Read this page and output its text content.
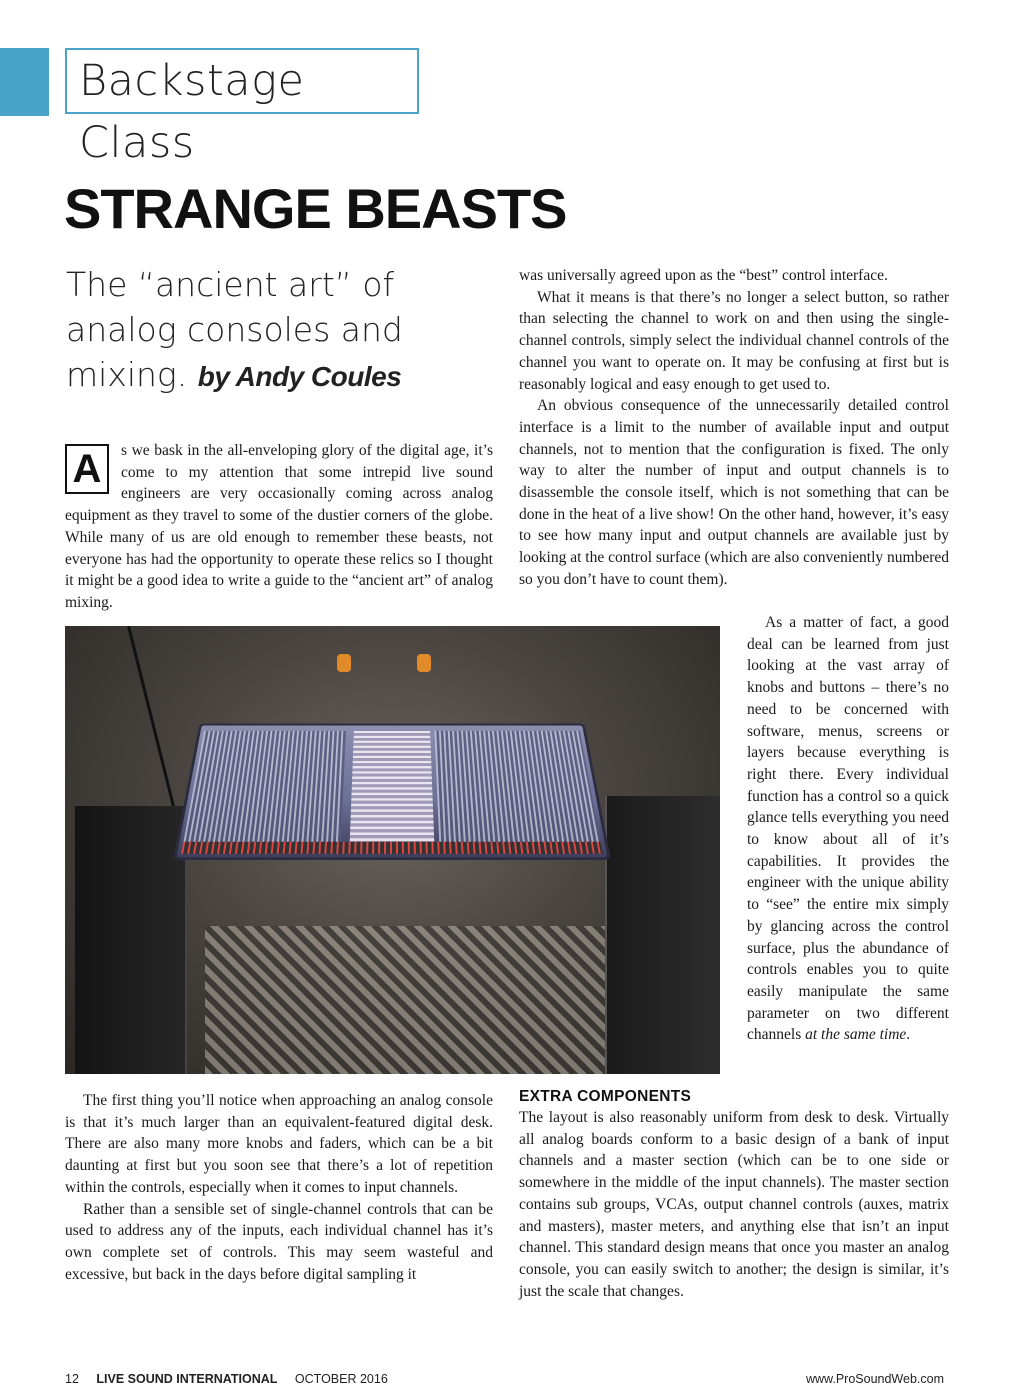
Backstage Class
STRANGE BEASTS
The “ancient art” of analog consoles and mixing. by Andy Coules
A	s we bask in the all-enveloping glory of the digital age, it’s come to my attention that some intrepid live sound engineers are very occasionally coming across analog equipment as they travel to some of the dustier corners of the globe. While many of us are old enough to remember these beasts, not everyone has had the opportunity to operate these relics so I thought it might be a good idea to write a guide to the “ancient art” of analog mixing.

was universally agreed upon as the “best” control interface.

What it means is that there’s no longer a select button, so rather than selecting the channel to work on and then using the single-channel controls, simply select the individual channel controls of the channel you want to operate on. It may be confusing at first but is reasonably logical and easy enough to get used to.

An obvious consequence of the unnecessarily detailed control interface is a limit to the number of available input and output channels, not to mention that the configuration is fixed. The only way to alter the number of input and output channels is to disassemble the console itself, which is not something that can be done in the heat of a live show! On the other hand, however, it’s easy to see how many input and output channels are available just by looking at the control surface (which are also conveniently numbered so you don’t have to count them).

As a matter of fact, a good deal can be learned from just looking at the vast array of knobs and buttons – there’s no need to be concerned with software, menus, screens or layers because everything is right there. Every individual function has a control so a quick glance tells everything you need to know about all of it’s capabilities. It provides the engineer with the unique ability to “see” the entire mix simply by glancing across the control surface, plus the abundance of controls enables you to quite easily manipulate the same parameter on two different channels at the same time.

The first thing you’ll notice when approaching an analog console is that it’s much larger than an equivalent-featured digital desk. There are also many more knobs and faders, which can be a bit daunting at first but you soon see that there’s a lot of repetition within the controls, especially when it comes to input channels.

Rather than a sensible set of single-channel controls that can be used to address any of the inputs, each individual channel has it’s own complete set of controls. This may seem wasteful and excessive, but back in the days before digital sampling it

EXTRA COMPONENTS

The layout is also reasonably uniform from desk to desk. Virtually all analog boards conform to a basic design of a bank of input channels and a master section (which can be to one side or somewhere in the middle of the input channels). The master section contains sub groups, VCAs, output channel controls (auxes, matrix and masters), master meters, and anything else that isn’t an input channel. This standard design means that once you master an analog console, you can easily switch to another; the design is similar, it’s just the scale that changes.

12 LIVE SOUND INTERNATIONAL OCTOBER 2016	www.ProSoundWeb.com
